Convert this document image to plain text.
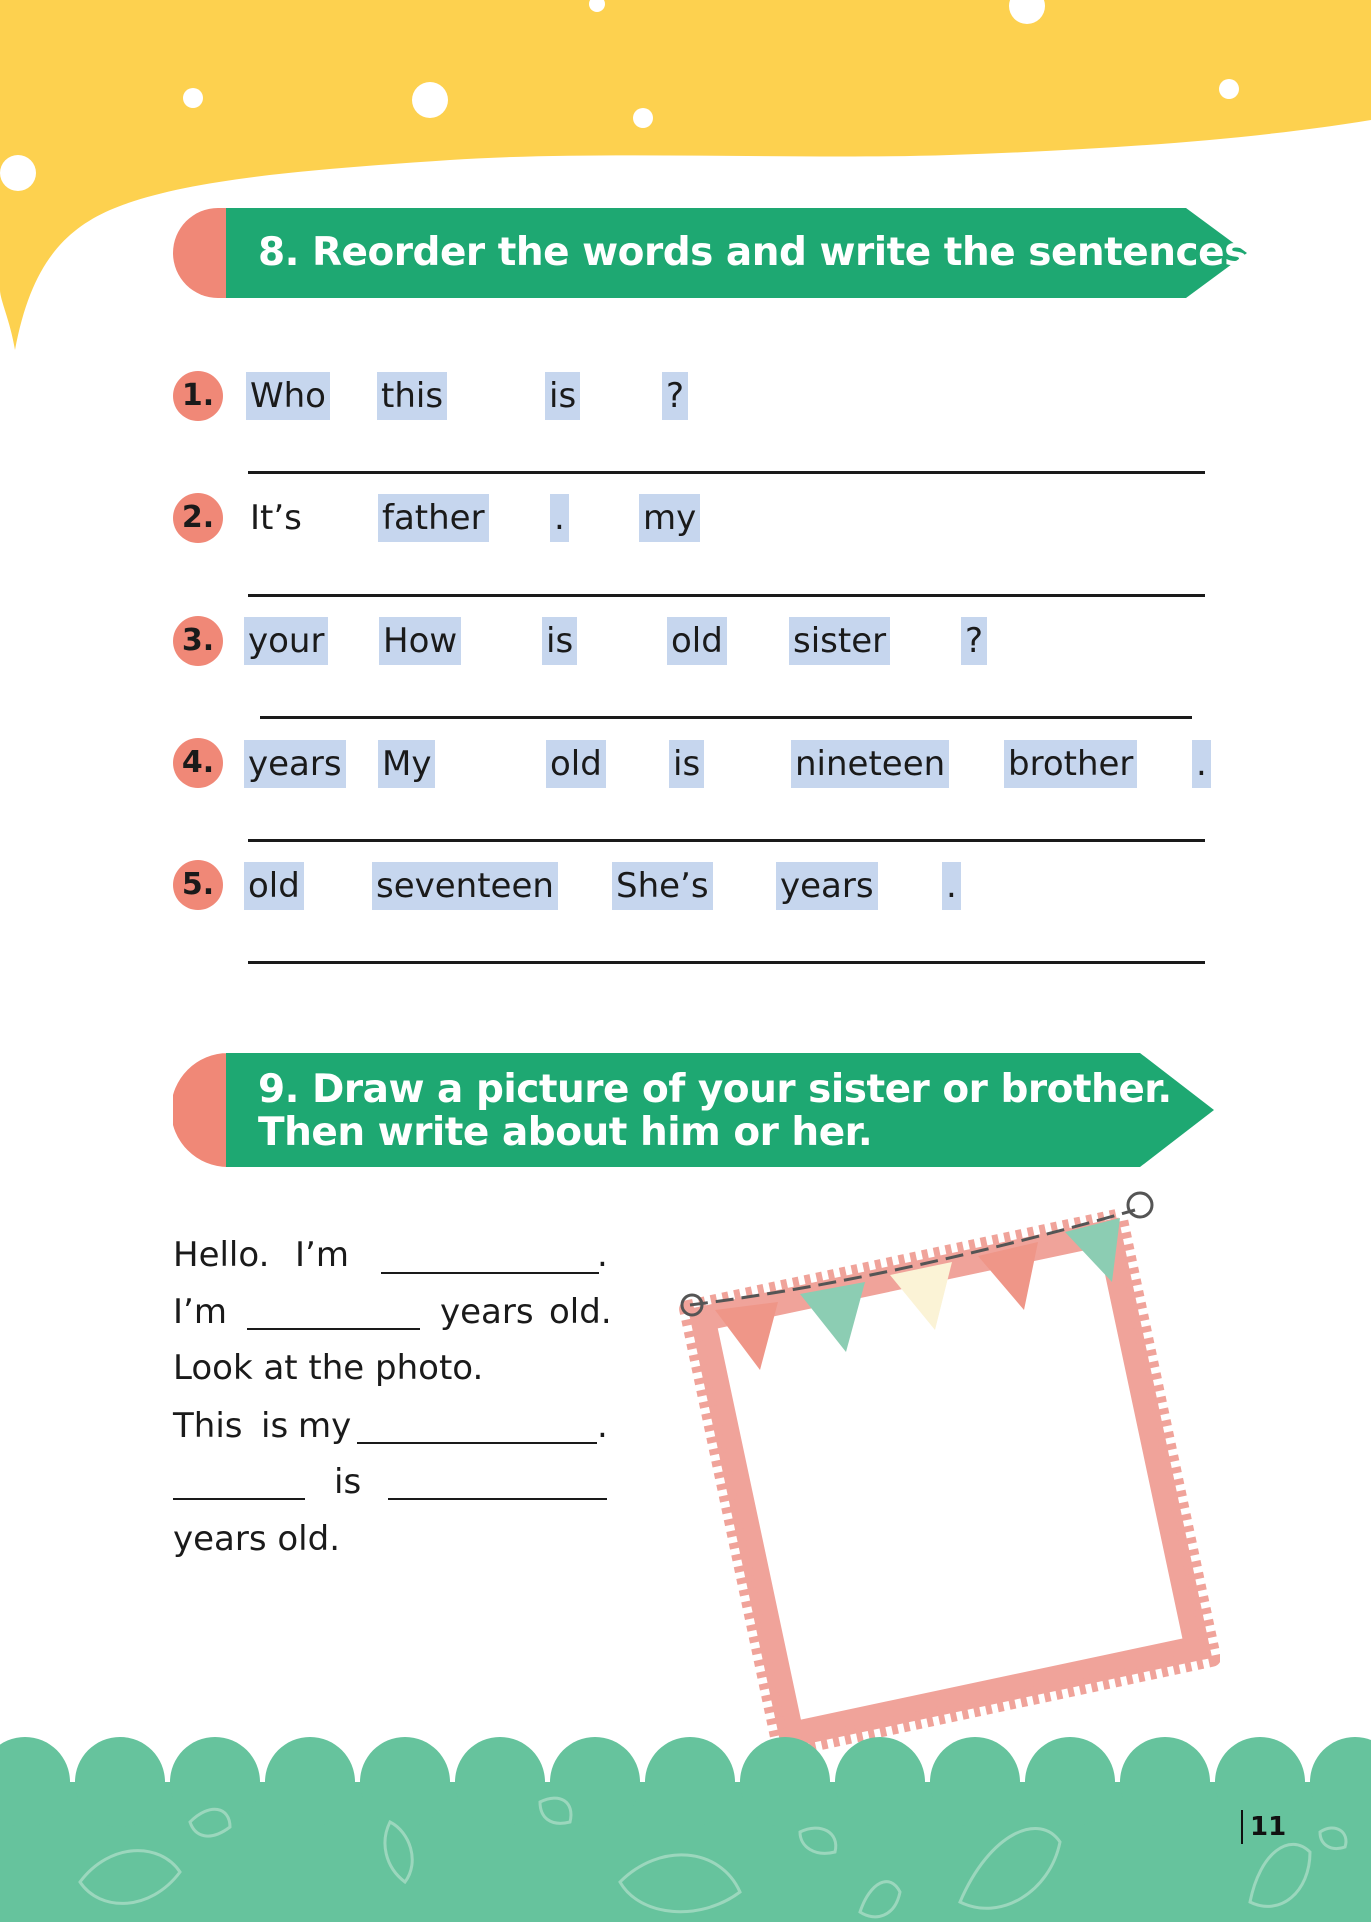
8. Reorder the words and write the sentences.
1. Who this	is	?
2. It’s father . my
3. your How	is	old sister ?
4. years My	old is	nineteen brother .
5. old seventeen She’s years .
9. Draw a picture of your sister or brother.
Then write about him or her.
Hello. I’m	.
I’m	years old.
Look at the photo.
This is my	.
is
years old.
11
